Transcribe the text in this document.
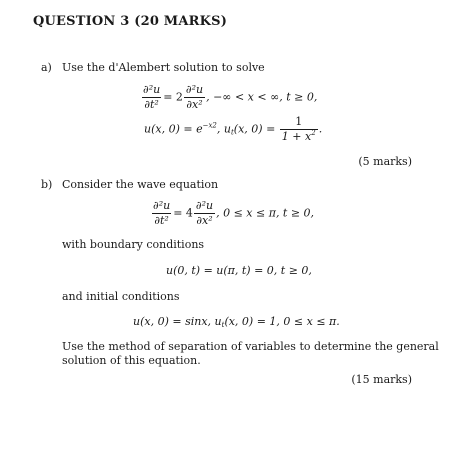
QUESTION 3 (20 MARKS)
a) Use the d'Alembert solution to solve
$\frac{\text{∂²u}}{\text{∂t²}} = 2 \frac{\text{∂²u}}{\text{∂x²}}$ , −∞ < x < ∞, t ≥ 0,
u(x, $0) = e^{-x2}$, $u_t(x$, $0) = \frac{1}{1 + x^2}$ .
(5 marks)
b) Consider the wave equation
$\frac{\text{∂²u}}{\text{∂t²}} = 4 \frac{\text{∂²u}}{\text{∂x²}}$ , 0 ≤ x ≤ π, t ≥ 0,
with boundary conditions
u(0, t) = u(π, t) = 0, t ≥ 0,
and initial conditions
u(x, 0) = sinx, $u_t(x$, 0) = 1, 0 ≤ x ≤ π.
Use the method of separation of variables to determine the general
solution of this equation.
(15 marks)
